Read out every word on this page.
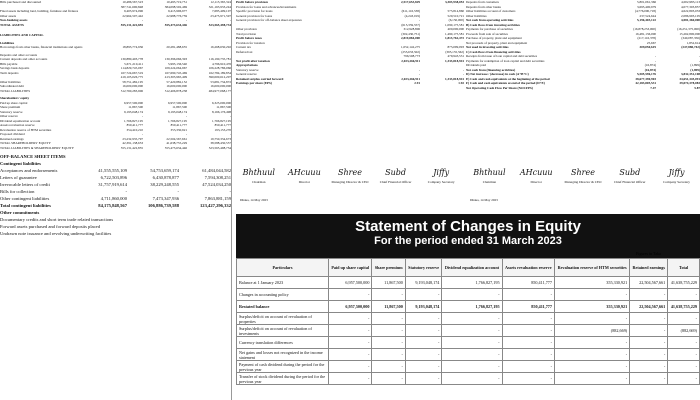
Bills purchased and discounted	10,486,567,523	10,493,719,751	12,113,365,324
387,741,690,848	384,098,502,469	321,163,933,244
Fixed assets including land, building, furniture and fixtures	9,403,974,096	9,415,996,977	7,685,409,107
Other assets	22,964,507,442	22,988,776,759	23,475,971,597
Non-banking assets	-	-	-
TOTAL ASSETS	555,131,422,855	555,473,634,446	523,565,498,734
LIABILITIES AND CAPITAL
Liabilities
Borrowings from other banks, financial institutions and agents	18,893,774,936	20,281,488,655	16,268,630,292
Deposits and other accounts
Current deposits and other accounts	130,880,403,778	130,396,066,393	116,190,735,781
Bills payable	5,671,210,411	5,993,136,540	4,796,910,476
Savings bank deposits	114,829,745,067	109,224,064,967	106,228,786,066
Term deposits	167,724,667,519	167,690,745,469	162,784,189,854
419,105,026,775	413,303,965,409	390,000,612,207
Other liabilities	58,751,482,195	57,420,882,152	53,681,734,872
Subordinated debt	16,000,000,000	16,000,000,000	16,000,000,000
TOTAL LIABILITIES	512,760,283,906	512,406,878,238	484,977,068,177
Shareholders' equity
Paid up share capital	6,957,500,000	6,957,500,000	6,325,000,000
Share premium	11,867,500	11,867,500	11,867,500
Statutory reserve	9,193,048,174	9,193,048,174	8,166,176,498
Other reserve	-	-	-
Dividend equalization account	1,766,827,195	1,766,827,195	1,766,827,195
Assets revaluation reserve	850,411,777	850,411,777	850,411,777
Revaluation reserve of HTM securities	354,410,210	355,330,921	193,153,270
Proposed dividend	-	-	-
Retained earnings	23,232,935,797	22,504,567,661	19,750,334,673
TOTAL SHAREHOLDERS' EQUITY	42,391,138,653	41,638,755,229	38,588,430,557
TOTAL LIABILITIES & SHAREHOLDERS' EQUITY	555,131,422,855	555,473,634,446	523,565,498,734
OFF-BALANCE SHEET ITEMS
Contingent liabilities
Acceptances and endorsements	41,555,555,109	54,753,659,174	61,484,044,582
Letters of guarantee	6,722,503,896	6,430,878,877	7,594,308,251
Irrevocable letters of credit	31,757,919,614	38,229,248,555	47,524,034,250
Bills for collection	-	-	-
Other contingent liabilities	4,711,860,000	7,473,347,936	7,863,881,159
Total contingent liabilities	84,175,848,567	106,886,739,588	123,427,296,332
Other commitments
Documentary credits and short term trade related transactions
Forward assets purchased and forward deposits placed
Undrawn note issuance and revolving underwriting facilities
Profit before provision	2,517,653,829	3,303,938,053
Provision for loans and advances/investments
Specific provision for loans	(611,116,538)	575,814,860
General provision for loans	(4,243,019)	520,510,721
General provision for off-balance sheet exposures	-	(6,150,000)
(615,359,557)	1,090,175,581
Other provision	312,928,806	400,000,000
Total provision	(302,430,751)	1,490,175,581
Profit before taxes	2,819,884,000	1,813,762,472
Provision for taxation
Current tax	1,052,142,275	875,099,093
Deferred tax	(255,633,502)	(395,155,562)
796,508,773	479,943,531
Net profit after taxation	2,023,266,911	1,333,818,941
Appropriations
Statutory reserve	-	-
General reserve	-	-
Retained surplus carried forward	2,023,266,911	1,333,818,941
Earnings per share (EPS)	2.91	1.92
Bhthuul
Chairman
AHcuuu
Director
Shree
Managing Director & CEO
Subd
Chief Financial Officer
Jiffy
Company Secretary
Dhaka, 14 May 2023
Deposits from customers	5,801,061,366	4,002,983,113
Deposits from other banks	3,695,400,979	4,077,303,857
Other liabilities account of customers	(4,776,000,718)	4,622,803,033
Other liabilities	237,524,644	2,086,993,105
Net cash from operating activities	5,196,403,122	4,081,360,000
B) Cash flows from investing activities
Payments for purchase of securities	(16,878,253,000)	(16,251,375,000)
Proceeds from sale of securities	16,481,136,000	15,262,800,000
Purchase of property, plant and equipment	(217,116,378)	(340,087,356)
Net proceeds of property, plant and equipment	25,667	1,852,614
Net used in investing activities	309,050,619	(247,880,742)
C) Cash flows from financing activities
Receipts from issue of loan capital and debt securities	-	-
Payments for redemption of loan capital and debt securities	-	-
Dividends paid	(16,874)	(1,899)
Net cash from (financing activities)	(16,874)	(1,899)
D) Net increase / (decrease) in cash (A+B+C)	5,505,596,176	3,832,351,108
E) Cash and cash equivalents at the beginning of the period	38,677,390,903	34,651,345,091
F) Cash and cash equivalents at end of the period (D+E)	42,183,805,531	39,074,378,083
Net Operating Cash Flow Per Share (NOCFPS)	7.47	5.87
Bhthuul
Chairman
AHcuuu
Director
Shree
Managing Director & CEO
Subd
Chief Financial Officer
Jiffy
Company Secretary
Dhaka, 14 May 2023
Statement of Changes in Equity
For the period ended 31 March 2023
Figures in Taka
Particulars	Paid up share capital	Share premium	Statutory reserve	Dividend equalization account	Assets revaluation reserve	Revaluation reserve of HTM securities	Retained earnings	Total
Balance at 1 January 2023	6,957,500,000	11,867,500	9,193,048,174	1,766,827,195	850,411,777	355,330,921	22,504,567,661	41,638,755,229
Changes in accounting policy	-	-	-	-	-	-	-	-
Restated balance	6,957,500,000	11,867,500	9,193,048,174	1,766,827,195	850,411,777	355,330,921	22,504,567,661	41,638,755,229
Surplus/deficit on account of revaluation of properties	-	-	-	-	-	-	-	-
Surplus/deficit on account of revaluation of investments	-	-	-	-	-	(882,669)	-	(882,669)
Currency translation differences	-	-	-	-	-	-	-	-
Net gains and losses not recognized in the income statement	-	-	-	-	-	-	-	-
Payment of cash dividend during the period for the previous year	-	-	-	-	-	-	-	-
Transfer of stock dividend during the period for the previous year	-	-	-	-	-	-	-	-
